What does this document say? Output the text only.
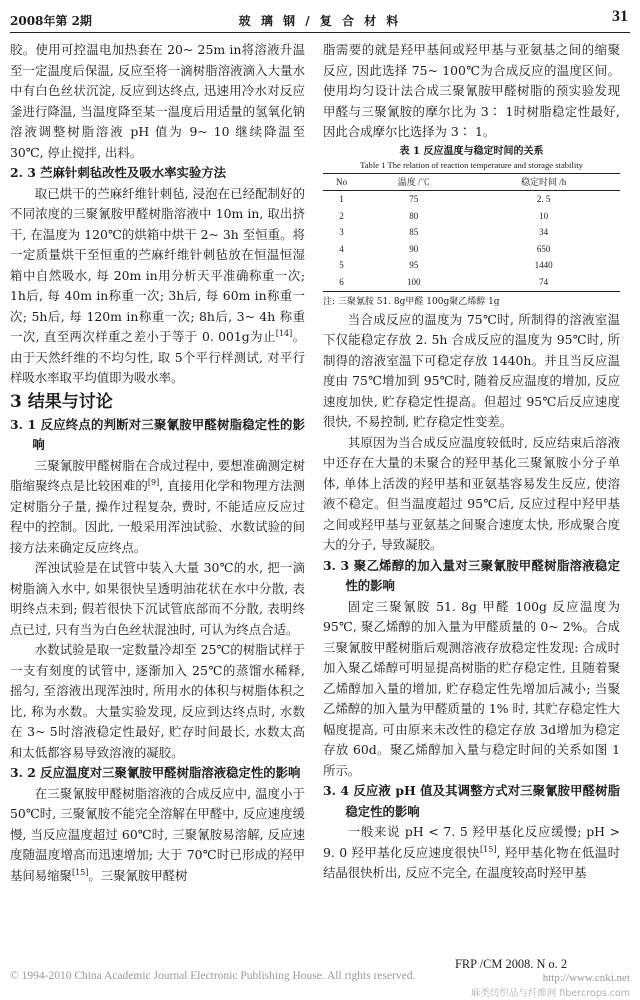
2008年第 2期	玻 璃 钢 / 复 合 材 料	31

胶。使用可控温电加热套在 20~ 25m in将溶液升温至一定温度后保温, 反应至将一滴树脂溶液滴入大量水中有白色丝状沉淀, 反应到达终点, 迅速用冷水对反应釜进行降温, 当温度降至某一温度后用适量的氢氧化钠溶液调整树脂溶液 pH 值为 9~ 10 继续降温至 30℃, 停止搅拌, 出料。

2. 3 苎麻针刺毡改性及吸水率实验方法

取已烘干的苎麻纤维针刺毡, 浸泡在已经配制好的不同浓度的三聚氰胺甲醛树脂溶液中 10m in, 取出挤干, 在温度为 120℃的烘箱中烘干 2~ 3h 至恒重。将一定质量烘干至恒重的苎麻纤维针刺毡放在恒温恒湿箱中自然吸水, 每 20m in用分析天平准确称重一次; 1h后, 每 40m in称重一次; 3h后, 每 60m in称重一次; 5h后, 每 120m in称重一次; 8h后, 3~ 4h 称重一次, 直至两次样重之差小于等于 0. 001g为止[14]。由于天然纤维的不均匀性, 取 5个平行样测试, 对平行样吸水率取平均值即为吸水率。

3 结果与讨论

3. 1 反应终点的判断对三聚氰胺甲醛树脂稳定性的影响

三聚氰胺甲醛树脂在合成过程中, 要想准确测定树脂缩聚终点是比较困难的[9], 直接用化学和物理方法测定树脂分子量, 操作过程复杂, 费时, 不能适应反应过程中的控制。因此, 一般采用浑浊试验、水数试验的间接方法来确定反应终点。

浑浊试验是在试管中装入大量 30℃的水, 把一滴树脂滴入水中, 如果很快呈透明油花状在水中分散, 表明终点未到; 假若很快下沉试管底部而不分散, 表明终点已过, 只有当为白色丝状混浊时, 可认为终点合适。

水数试验是取一定数量冷却至 25℃的树脂试样于一支有刻度的试管中, 逐渐加入 25℃的蒸馏水稀释, 摇匀, 至溶液出现浑浊时, 所用水的体积与树脂体积之比, 称为水数。大量实验发现, 反应到达终点时, 水数在 3~ 5时溶液稳定性最好, 贮存时间最长, 水数太高和太低都容易导致溶液的凝胶。

3. 2 反应温度对三聚氰胺甲醛树脂溶液稳定性的影响

在三聚氰胺甲醛树脂溶液的合成反应中, 温度小于 50℃时, 三聚氰胺不能完全溶解在甲醛中, 反应速度缓慢, 当反应温度超过 60℃时, 三聚氰胺易溶解, 反应速度随温度增高而迅速增加; 大于 70℃时已形成的羟甲基间易缩聚[15]。三聚氰胺甲醛树

脂需要的就是羟甲基间或羟甲基与亚氨基之间的缩聚反应, 因此选择 75~ 100℃为合成反应的温度区间。使用均匀设计法合成三聚氰胺甲醛树脂的预实验发现甲醛与三聚氰胺的摩尔比为 3∶ 1时树脂稳定性最好, 因此合成摩尔比选择为 3∶ 1。

表 1 反应温度与稳定时间的关系
Table 1 The relation of reaction temperature and storage stability
No	温度 /℃	稳定时间 /h
1	75	2. 5
2	80	10
3	85	34
4	90	650
5	95	1440
6	100	74
注: 三聚氰胺 51. 8g甲醛 100g聚乙烯醇 1g

当合成反应的温度为 75℃时, 所制得的溶液室温下仅能稳定存放 2. 5h 合成反应的温度为 95℃时, 所制得的溶液室温下可稳定存放 1440h。并且当反应温度由 75℃增加到 95℃时, 随着反应温度的增加, 反应速度加快, 贮存稳定性提高。但超过 95℃后反应速度很快, 不易控制, 贮存稳定性变差。

其原因为当合成反应温度较低时, 反应结束后溶液中还存在大量的未聚合的羟甲基化三聚氰胺小分子单体, 单体上活泼的羟甲基和亚氨基容易发生反应, 使溶液不稳定。但当温度超过 95℃后, 反应过程中羟甲基之间或羟甲基与亚氨基之间聚合速度太快, 形成聚合度大的分子, 导致凝胶。

3. 3 聚乙烯醇的加入量对三聚氰胺甲醛树脂溶液稳定性的影响

固定三聚氰胺 51. 8g 甲醛 100g 反应温度为 95℃, 聚乙烯醇的加入量为甲醛质量的 0~ 2%。合成三聚氰胺甲醛树脂后观测溶液存放稳定性发现: 合成时加入聚乙烯醇可明显提高树脂的贮存稳定性, 且随着聚乙烯醇加入量的增加, 贮存稳定性先增加后减小; 当聚乙烯醇的加入量为甲醛质量的 1% 时, 其贮存稳定性大幅度提高, 可由原来未改性的稳定存放 3d增加为稳定存放 60d。聚乙烯醇加入量与稳定时间的关系如图 1所示。

3. 4 反应液 pH 值及其调整方式对三聚氰胺甲醛树脂稳定性的影响

一般来说 pH < 7. 5 羟甲基化反应缓慢; pH > 9. 0 羟甲基化反应速度很快[15], 羟甲基化物在低温时结晶很快析出, 反应不完全, 在温度较高时羟甲基

© 1994-2010 China Academic Journal Electronic Publishing House. All rights reserved.
FRP /CM 2008. N o. 2
http://www.cnki.net
麻类纺织品与纤维网 fibercrops.com
